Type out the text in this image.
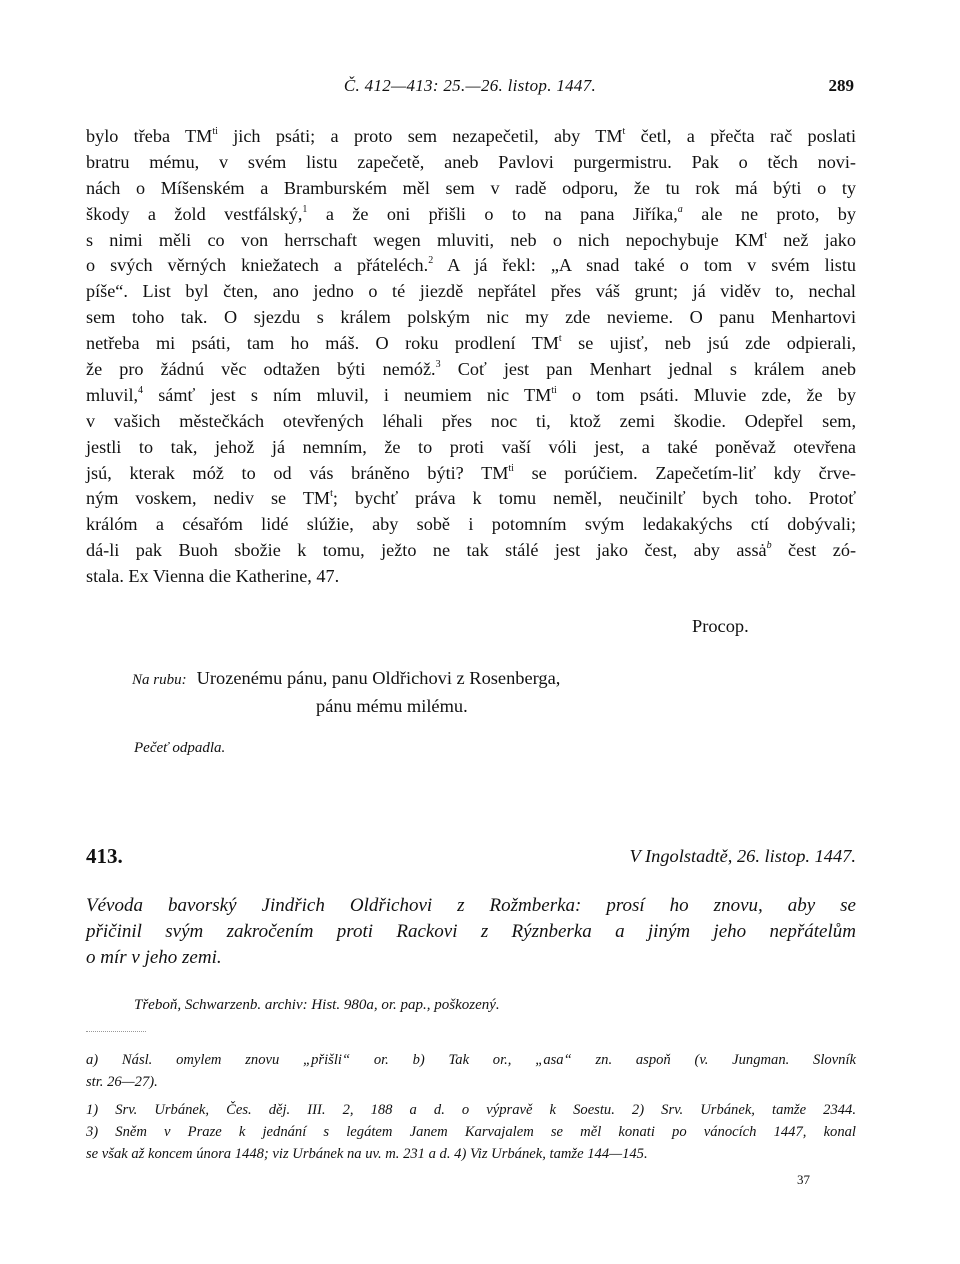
Č. 412—413: 25.—26. listop. 1447.	289
bylo třeba $TM^{ti}$ jich psáti; a proto sem nezapečetil, aby $TM^t$ četl, a přečta rač poslati
bratru mému, v svém listu zapečetě, aneb Pavlovi purgermistru. Pak o těch novi-
nách o Míšenském a Bramburském měl sem v radě odporu, že tu rok má býti o ty
škody a žold vestfálský,$^1$ a že oni přišli o to na pana Jiříka,$^a$ ale ne proto, by
s nimi měli co von herrschaft wegen mluviti, neb o nich nepochybuje $KM^t$ než jako
o svých věrných kniežatech a přáteléch.$^2$ A já řekl: „A snad také o tom v svém listu
píše“. List byl čten, ano jedno o té jiezdě nepřátel přes váš grunt; já viděv to, nechal
sem toho tak. O sjezdu s králem polským nic my zde nevieme. O panu Menhartovi
netřeba mi psáti, tam ho máš. O roku prodlení $TM^t$ se ujisť, neb jsú zde odpierali,
že pro žádnú věc odtažen býti nemóž.$^3$ Coť jest pan Menhart jednal s králem aneb
mluvil,$^4$ sámť jest s ním mluvil, i neumiem nic $TM^{ti}$ o tom psáti. Mluvie zde, že by
v vašich městečkách otevřených léhali přes noc ti, ktož zemi škodie. Odepřel sem,
jestli to tak, jehož já nemním, že to proti vaší vóli jest, a také poněvaž otevřena
jsú, kterak móž to od vás bráněno býti? $TM^{ti}$ se porúčiem. Zapečetím-liť kdy črve-
ným voskem, nediv se $TM^t$; bychť práva k tomu neměl, neučinilť bych toho. Protoť
králóm a césařóm lidé slúžie, aby sobě i potomním svým ledakakýchs ctí dobývali;
dá-li pak Buoh sbožie k tomu, ježto ne tak stálé jest jako čest, aby assȧ$^b$ čest zó-
stala. Ex Vienna die Katherine, 47.
Procop.
Na rubu: Urozenému pánu, panu Oldřichovi z Rosenberga,
pánu mému milému.
Pečeť odpadla.
413.	V Ingolstadtě, 26. listop. 1447.
Vévoda bavorský Jindřich Oldřichovi z Rožmberka: prosí ho znovu, aby se
přičinil svým zakročením proti Rackovi z Rýznberka a jiným jeho nepřátelům
o mír v jeho zemi.
Třeboň, Schwarzenb. archiv: Hist. 980a, or. pap., poškozený.
a) Násl. omylem znovu „přišli“ or. b) Tak or., „asa“ zn. aspoň (v. Jungman. Slovník
str. 26—27).
1) Srv. Urbánek, Čes. děj. III. 2, 188 a d. o výpravě k Soestu. 2) Srv. Urbánek, tamže 2344.
3) Sněm v Praze k jednání s legátem Janem Karvajalem se měl konati po vánocích 1447, konal
se však až koncem února 1448; viz Urbánek na uv. m. 231 a d. 4) Viz Urbánek, tamže 144—145.
37
